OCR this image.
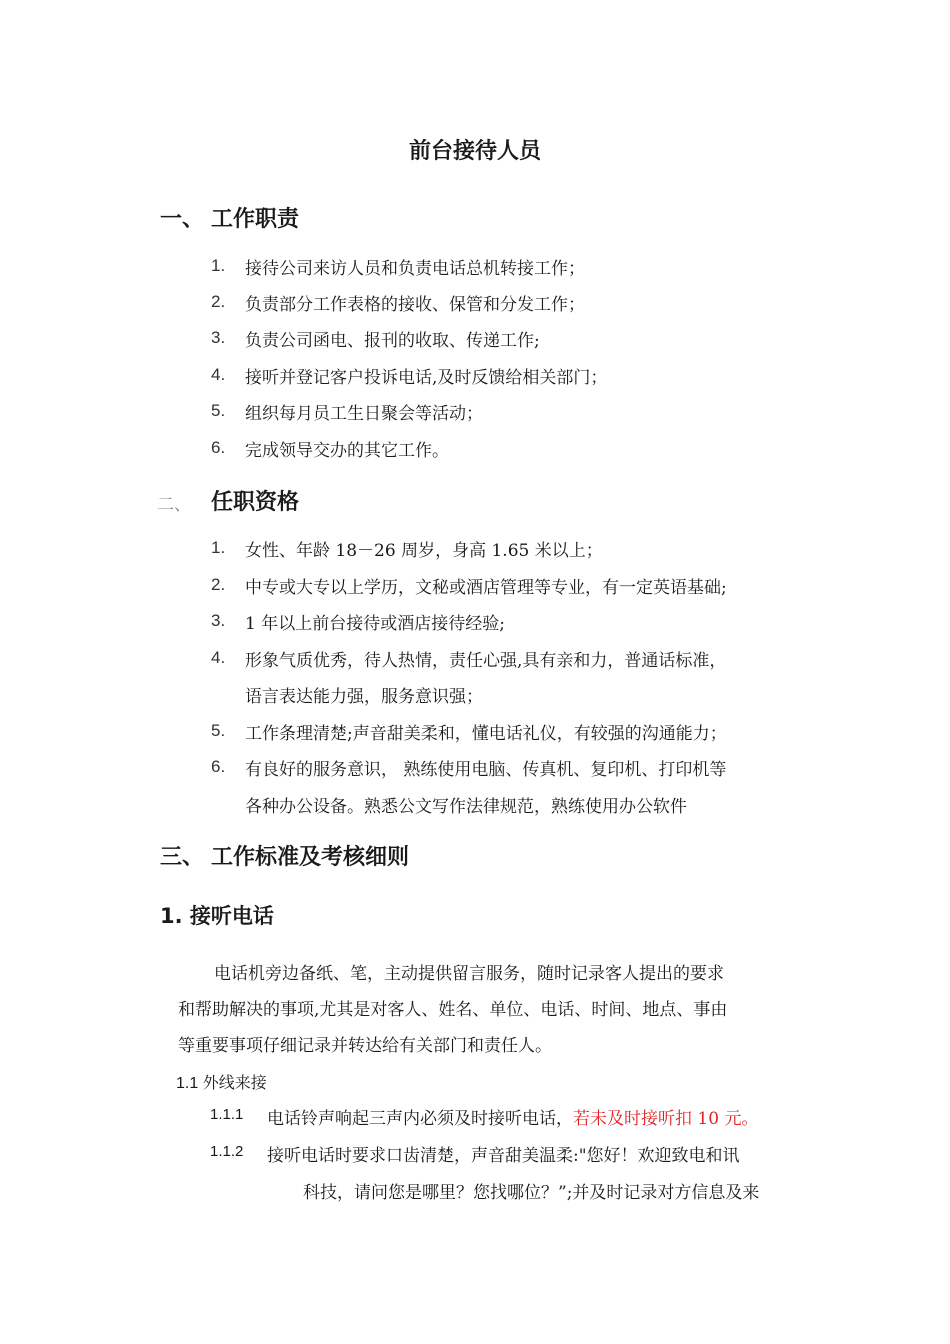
前台接待人员
一、 工作职责
1. 接待公司来访人员和负责电话总机转接工作；
2. 负责部分工作表格的接收、保管和分发工作；
3. 负责公司函电、报刊的收取、传递工作;
4. 接听并登记客户投诉电话,及时反馈给相关部门；
5. 组织每月员工生日聚会等活动；
6. 完成领导交办的其它工作。
二、 任职资格
1. 女性、年龄 18－26 周岁，身高 1.65 米以上；
2. 中专或大专以上学历，文秘或酒店管理等专业，有一定英语基础;
3. 1 年以上前台接待或酒店接待经验;
4. 形象气质优秀，待人热情，责任心强,具有亲和力，普通话标准，
语言表达能力强，服务意识强；
5. 工作条理清楚;声音甜美柔和，懂电话礼仪，有较强的沟通能力；
6. 有良好的服务意识， 熟练使用电脑、传真机、复印机、打印机等
各种办公设备。熟悉公文写作法律规范，熟练使用办公软件
三、 工作标准及考核细则
1. 接听电话
电话机旁边备纸、笔，主动提供留言服务，随时记录客人提出的要求
和帮助解决的事项,尤其是对客人、姓名、单位、电话、时间、地点、事由
等重要事项仔细记录并转达给有关部门和责任人。
1.1 外线来接
1.1.1 电话铃声响起三声内必须及时接听电话，若未及时接听扣 10 元。
1.1.2 接听电话时要求口齿清楚，声音甜美温柔:"您好！欢迎致电和讯
科技，请问您是哪里？您找哪位？”;并及时记录对方信息及来
